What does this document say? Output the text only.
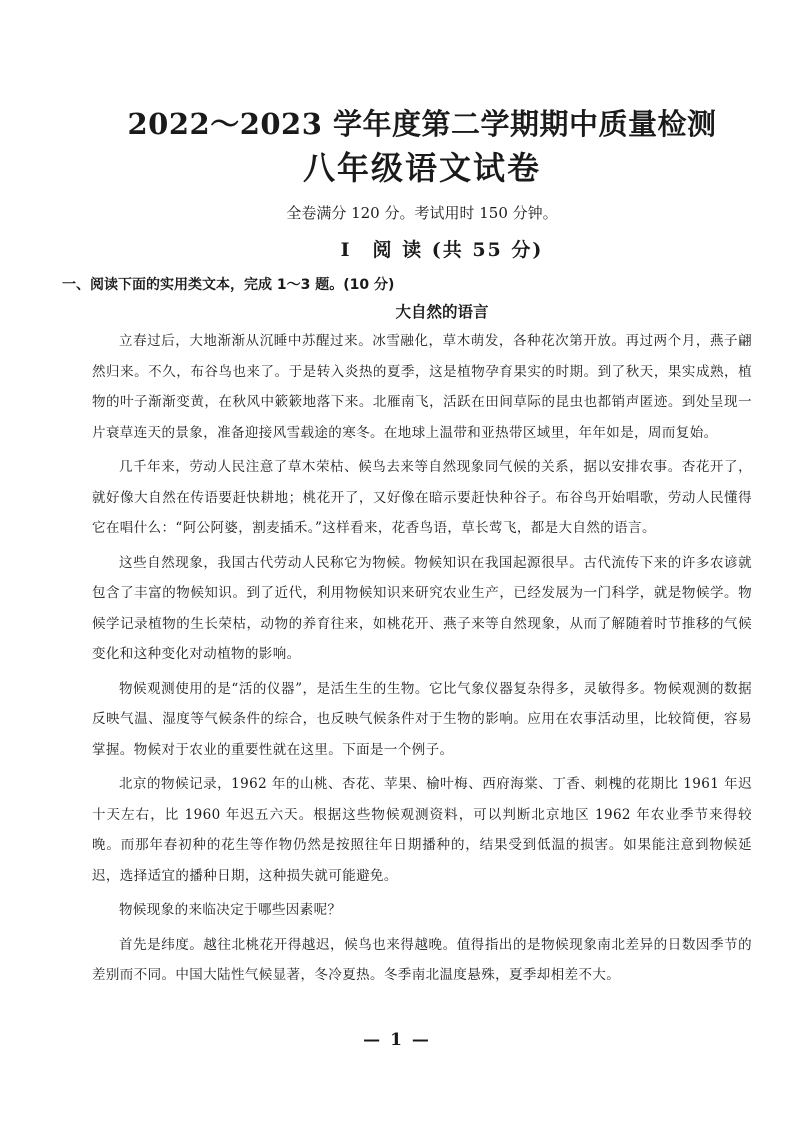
2022～2023 学年度第二学期期中质量检测
八年级语文试卷

全卷满分 120 分。考试用时 150 分钟。

Ⅰ　阅 读 (共 55 分)
一、阅读下面的实用类文本，完成 1～3 题。(10 分)
大自然的语言

立春过后，大地渐渐从沉睡中苏醒过来。冰雪融化，草木萌发，各种花次第开放。再过两个月，燕子翩然归来。不久，布谷鸟也来了。于是转入炎热的夏季，这是植物孕育果实的时期。到了秋天，果实成熟，植物的叶子渐渐变黄，在秋风中簌簌地落下来。北雁南飞，活跃在田间草际的昆虫也都销声匿迹。到处呈现一片衰草连天的景象，准备迎接风雪载途的寒冬。在地球上温带和亚热带区域里，年年如是，周而复始。

几千年来，劳动人民注意了草木荣枯、候鸟去来等自然现象同气候的关系，据以安排农事。杏花开了，就好像大自然在传语要赶快耕地；桃花开了，又好像在暗示要赶快种谷子。布谷鸟开始唱歌，劳动人民懂得它在唱什么：“阿公阿婆，割麦插禾。”这样看来，花香鸟语，草长莺飞，都是大自然的语言。

这些自然现象，我国古代劳动人民称它为物候。物候知识在我国起源很早。古代流传下来的许多农谚就包含了丰富的物候知识。到了近代，利用物候知识来研究农业生产，已经发展为一门科学，就是物候学。物候学记录植物的生长荣枯，动物的养育往来，如桃花开、燕子来等自然现象，从而了解随着时节推移的气候变化和这种变化对动植物的影响。

物候观测使用的是“活的仪器”，是活生生的生物。它比气象仪器复杂得多，灵敏得多。物候观测的数据反映气温、湿度等气候条件的综合，也反映气候条件对于生物的影响。应用在农事活动里，比较简便，容易掌握。物候对于农业的重要性就在这里。下面是一个例子。

北京的物候记录，1962 年的山桃、杏花、苹果、榆叶梅、西府海棠、丁香、刺槐的花期比 1961 年迟十天左右，比 1960 年迟五六天。根据这些物候观测资料，可以判断北京地区 1962 年农业季节来得较晚。而那年春初种的花生等作物仍然是按照往年日期播种的，结果受到低温的损害。如果能注意到物候延迟，选择适宜的播种日期，这种损失就可能避免。

物候现象的来临决定于哪些因素呢？

首先是纬度。越往北桃花开得越迟，候鸟也来得越晚。值得指出的是物候现象南北差异的日数因季节的差别而不同。中国大陆性气候显著，冬冷夏热。冬季南北温度悬殊，夏季却相差不大。

— 1 —
